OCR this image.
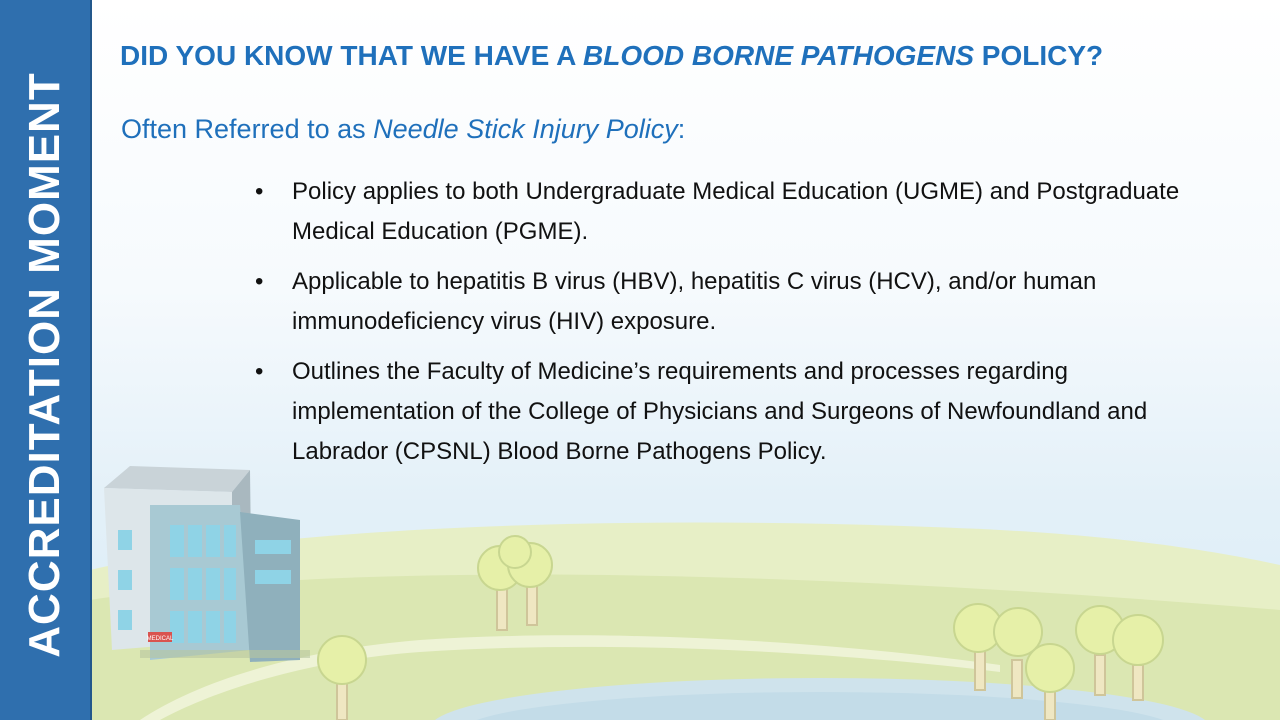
MEDICAL
ACCREDITATION MOMENT
DID YOU KNOW THAT WE HAVE A BLOOD BORNE PATHOGENS POLICY?
Often Referred to as Needle Stick Injury Policy:
• Policy applies to both Undergraduate Medical Education (UGME) and Postgraduate Medical Education (PGME).
• Applicable to hepatitis B virus (HBV), hepatitis C virus (HCV), and/or human immunodeficiency virus (HIV) exposure.
• Outlines the Faculty of Medicine’s requirements and processes regarding implementation of the College of Physicians and Surgeons of Newfoundland and Labrador (CPSNL) Blood Borne Pathogens Policy.
